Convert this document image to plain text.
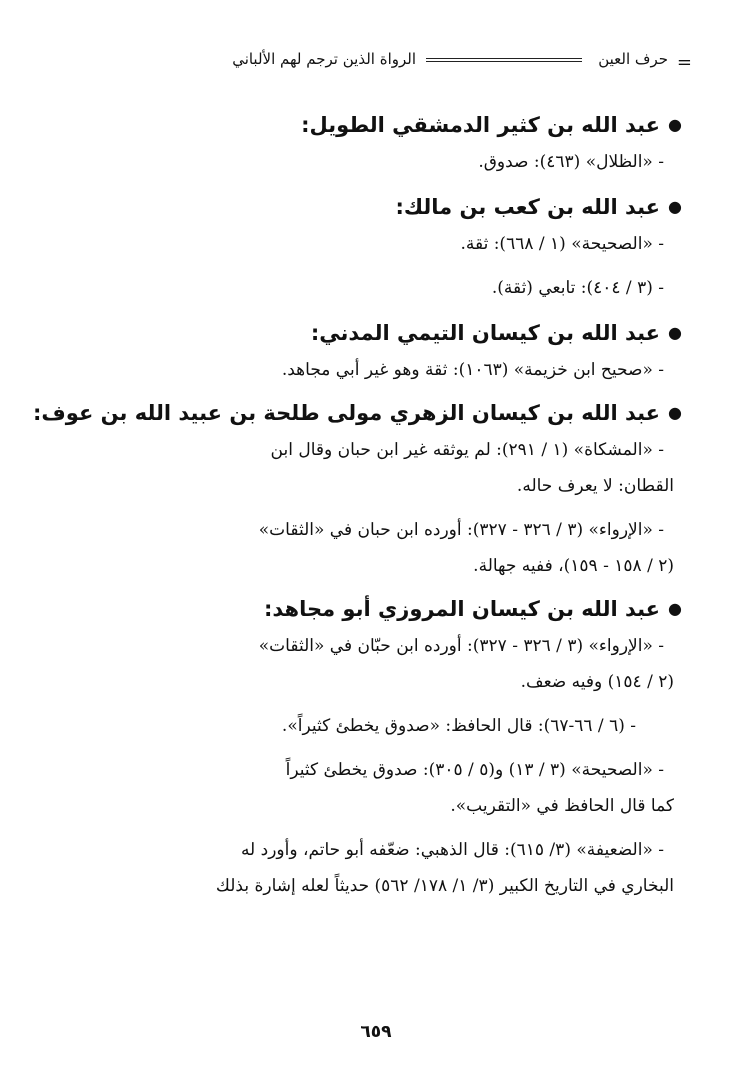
=
حرف العين
الرواة الذين ترجم لهم الألباني

●عبد الله بن كثير الدمشقي الطويل:

- «الظلال» (٤٦٣): صدوق.

●عبد الله بن كعب بن مالك:

- «الصحيحة» (١ / ٦٦٨): ثقة.

- (٣ / ٤٠٤): تابعي (ثقة).

●عبد الله بن كيسان التيمي المدني:

- «صحيح ابن خزيمة» (١٠٦٣): ثقة وهو غير أبي مجاهد.

●عبد الله بن كيسان الزهري مولى طلحة بن عبيد الله بن عوف:

- «المشكاة» (١ / ٢٩١): لم يوثقه غير ابن حبان وقال ابن

القطان: لا يعرف حاله.

- «الإرواء» (٣ / ٣٢٦ - ٣٢٧): أورده ابن حبان في «الثقات»

(٢ / ١٥٨ - ١٥٩)، ففيه جهالة.

●عبد الله بن كيسان المروزي أبو مجاهد:

- «الإرواء» (٣ / ٣٢٦ - ٣٢٧): أورده ابن حبّان في «الثقات»

(٢ / ١٥٤) وفيه ضعف.

- (٦ / ٦٦-٦٧): قال الحافظ: «صدوق يخطئ كثيراً».

- «الصحيحة» (٣ / ١٣) و(٥ / ٣٠٥): صدوق يخطئ كثيراً

كما قال الحافظ في «التقريب».

- «الضعيفة» (٣/ ٦١٥): قال الذهبي: ضعّفه أبو حاتم، وأورد له

البخاري في التاريخ الكبير (٣/ ١/ ١٧٨/ ٥٦٢) حديثاً لعله إشارة بذلك

٦٥٩
